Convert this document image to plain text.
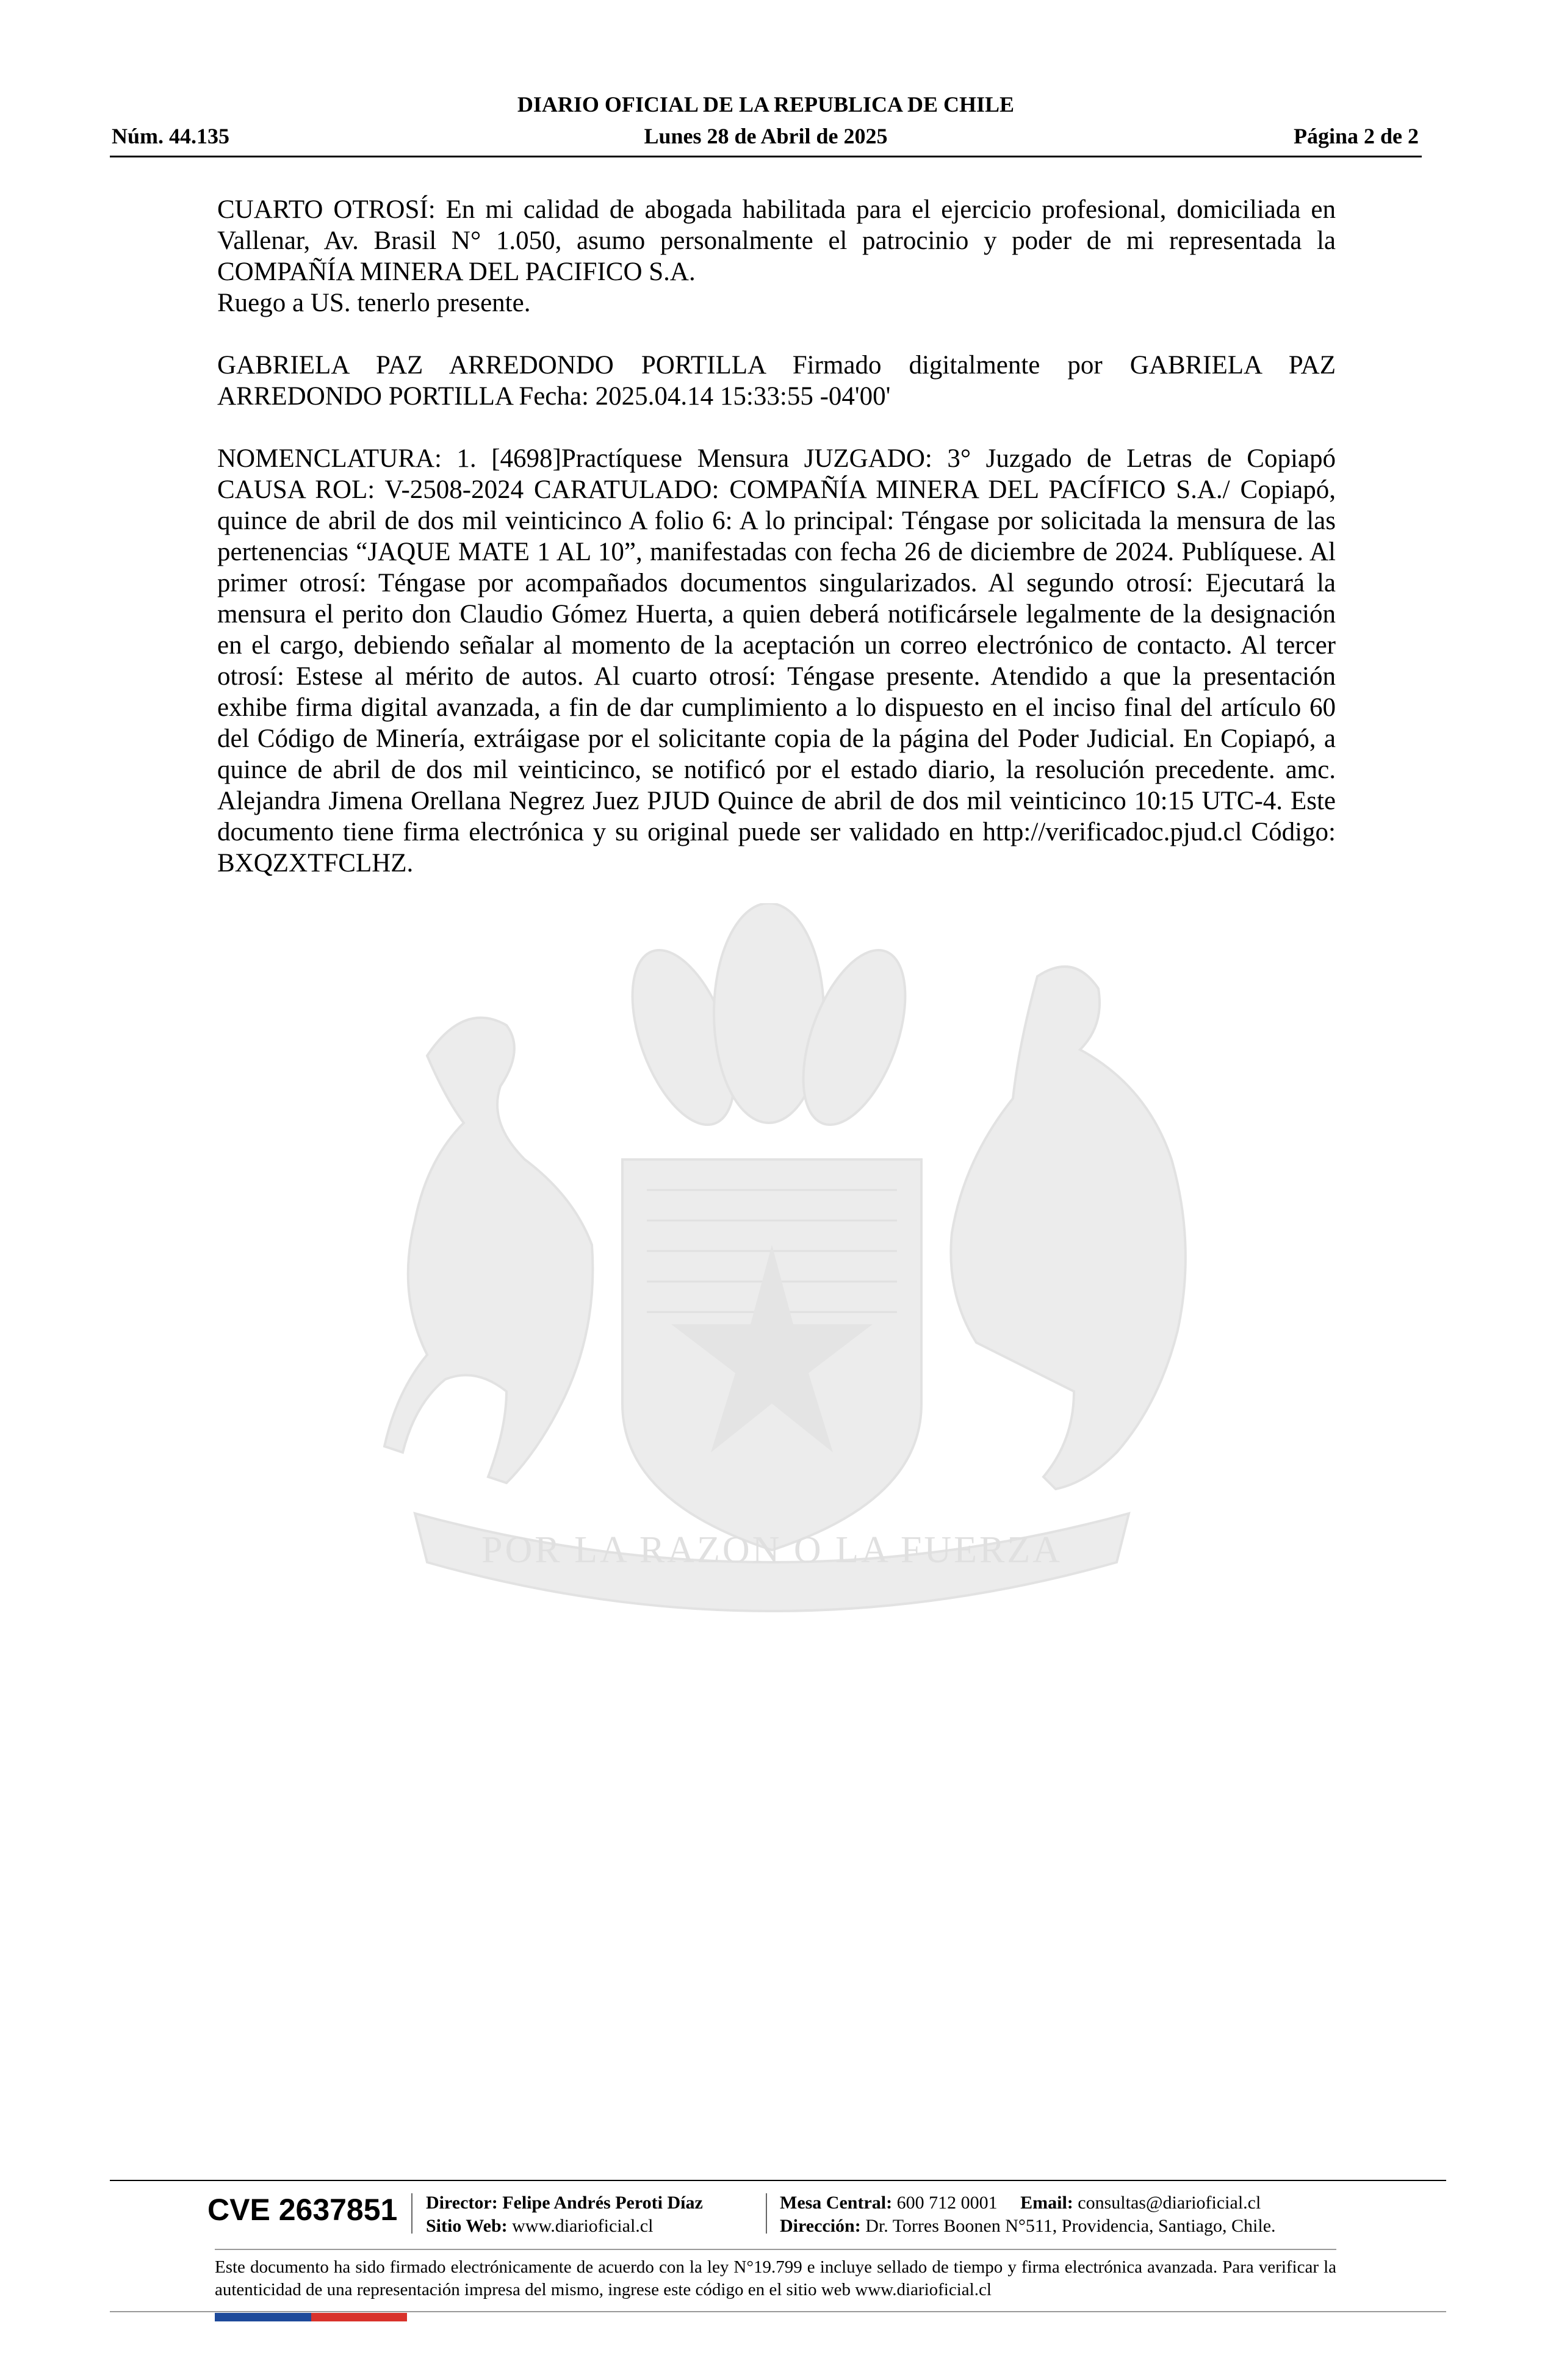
DIARIO OFICIAL DE LA REPUBLICA DE CHILE
Núm. 44.135	Lunes 28 de Abril de 2025	Página 2 de 2
POR LA RAZON O LA FUERZA

CUARTO OTROSÍ: En mi calidad de abogada habilitada para el ejercicio profesional, domiciliada en Vallenar, Av. Brasil N° 1.050, asumo personalmente el patrocinio y poder de mi representada la COMPAÑÍA MINERA DEL PACIFICO S.A.

Ruego a US. tenerlo presente.

GABRIELA PAZ ARREDONDO PORTILLA Firmado digitalmente por GABRIELA PAZ ARREDONDO PORTILLA Fecha: 2025.04.14 15:33:55 -04'00'

NOMENCLATURA: 1. [4698]Practíquese Mensura JUZGADO: 3° Juzgado de Letras de Copiapó CAUSA ROL: V-2508-2024 CARATULADO: COMPAÑÍA MINERA DEL PACÍFICO S.A./ Copiapó, quince de abril de dos mil veinticinco A folio 6: A lo principal: Téngase por solicitada la mensura de las pertenencias “JAQUE MATE 1 AL 10”, manifestadas con fecha 26 de diciembre de 2024. Publíquese. Al primer otrosí: Téngase por acompañados documentos singularizados. Al segundo otrosí: Ejecutará la mensura el perito don Claudio Gómez Huerta, a quien deberá notificársele legalmente de la designación en el cargo, debiendo señalar al momento de la aceptación un correo electrónico de contacto. Al tercer otrosí: Estese al mérito de autos. Al cuarto otrosí: Téngase presente. Atendido a que la presentación exhibe firma digital avanzada, a fin de dar cumplimiento a lo dispuesto en el inciso final del artículo 60 del Código de Minería, extráigase por el solicitante copia de la página del Poder Judicial. En Copiapó, a quince de abril de dos mil veinticinco, se notificó por el estado diario, la resolución precedente. amc. Alejandra Jimena Orellana Negrez Juez PJUD Quince de abril de dos mil veinticinco 10:15 UTC-4. Este documento tiene firma electrónica y su original puede ser validado en http://verificadoc.pjud.cl Código: BXQZXTFCLHZ.

CVE 2637851 Director: Felipe Andrés Peroti Díaz
Sitio Web: www.diarioficial.cl
Mesa Central: 600 712 0001 Email: consultas@diarioficial.cl
Dirección: Dr. Torres Boonen N°511, Providencia, Santiago, Chile.
Este documento ha sido firmado electrónicamente de acuerdo con la ley N°19.799 e incluye sellado de tiempo y firma electrónica avanzada. Para verificar la autenticidad de una representación impresa del mismo, ingrese este código en el sitio web www.diarioficial.cl
